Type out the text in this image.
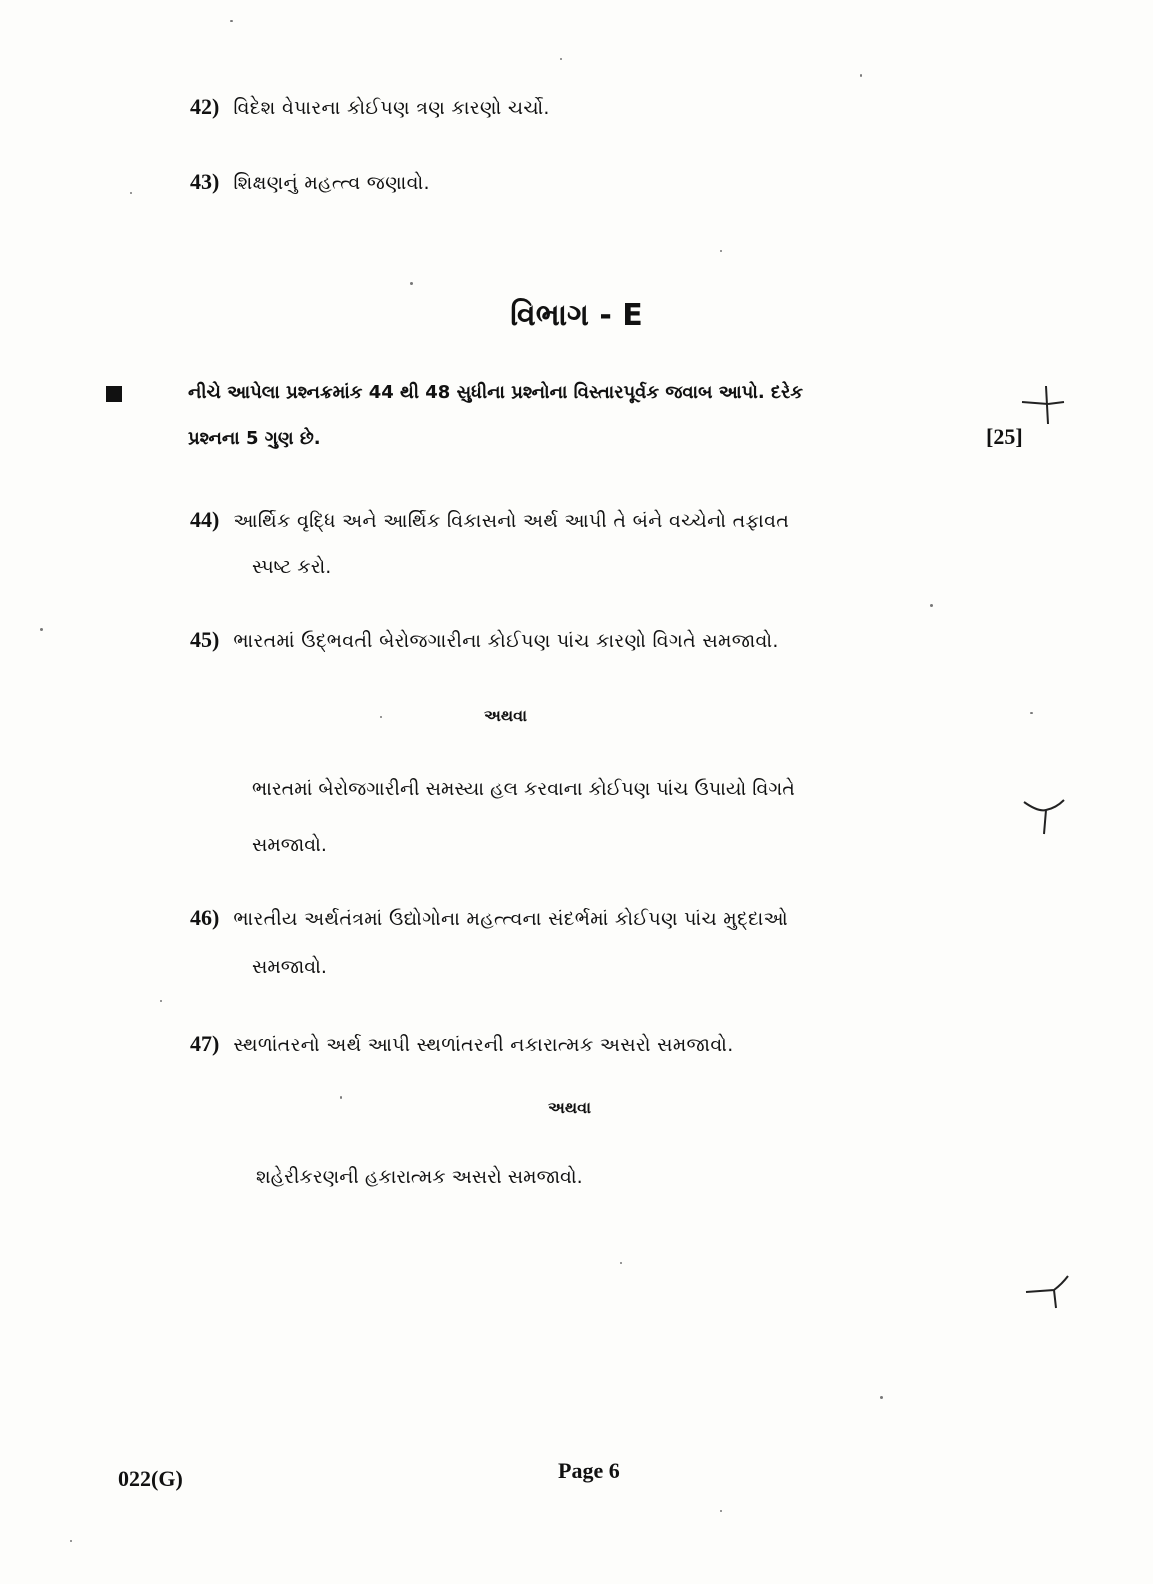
42) વિદેશ વેપારના કોઈપણ ત્રણ કારણો ચર્ચો.
43) શિક્ષણનું મહત્ત્વ જણાવો.
વિભાગ - E
નીચે આપેલા પ્રશ્નક્રમાંક 44 થી 48 સુધીના પ્રશ્નોના વિસ્તારપૂર્વક જવાબ આપો. દરેક
પ્રશ્નના 5 ગુણ છે.	[25]
44) આર્થિક વૃદ્ધિ અને આર્થિક વિકાસનો અર્થ આપી તે બંને વચ્ચેનો તફાવત
સ્પષ્ટ કરો.
45) ભારતમાં ઉદ્‌ભવતી બેરોજગારીના કોઈપણ પાંચ કારણો વિગતે સમજાવો.
અથવા
ભારતમાં બેરોજગારીની સમસ્યા હલ કરવાના કોઈપણ પાંચ ઉપાયો વિગતે
સમજાવો.
46) ભારતીય અર્થતંત્રમાં ઉદ્યોગોના મહત્ત્વના સંદર્ભમાં કોઈપણ પાંચ મુદ્દાઓ
સમજાવો.
47) સ્થળાંતરનો અર્થ આપી સ્થળાંતરની નકારાત્મક અસરો સમજાવો.
અથવા
શહેરીકરણની હકારાત્મક અસરો સમજાવો.
022(G)	Page 6
